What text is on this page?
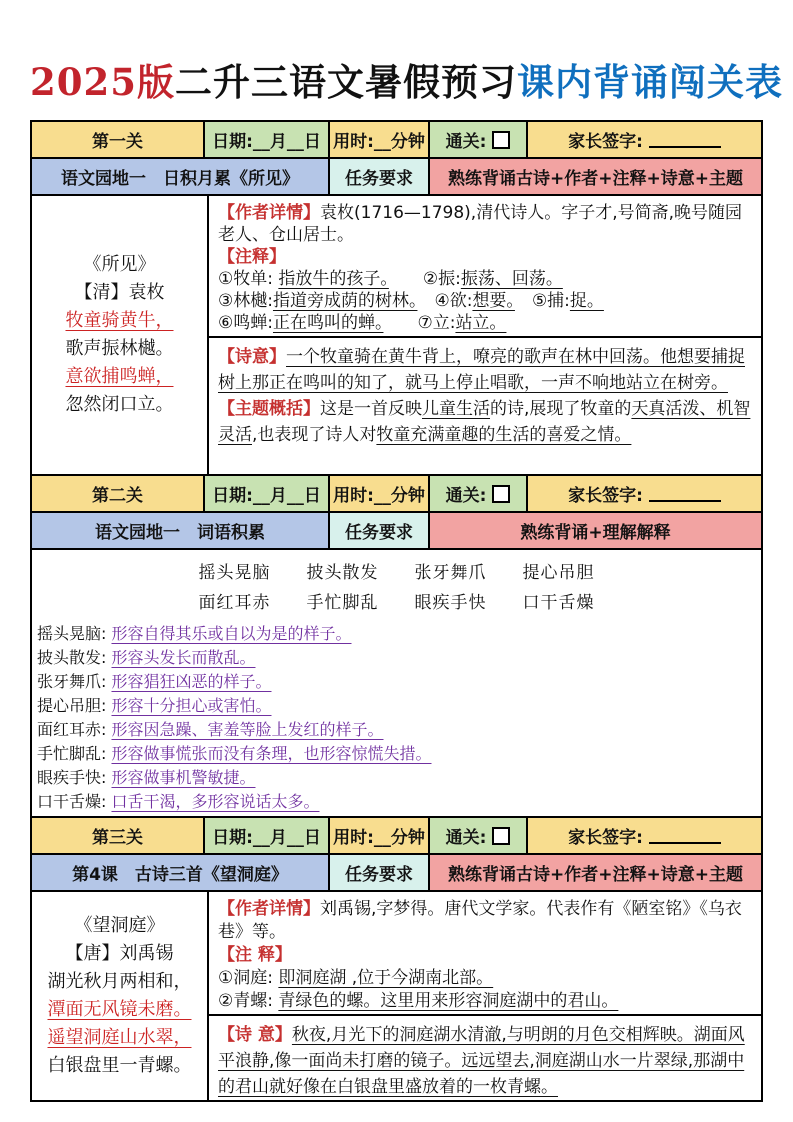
2025版二升三语文暑假预习课内背诵闯关表
第一关	日期:__月__日 用时:__分钟 通关:	家长签字:
语文园地一　日积月累《所见》	任务要求	熟练背诵古诗+作者+注释+诗意+主题
《所见》
【清】袁枚
牧童骑黄牛，
歌声振林樾。
意欲捕鸣蝉，
忽然闭口立。
【作者详情】袁枚(1716—1798),清代诗人。字子才,号简斋,晚号随园老人、仓山居士。
【注释】
①牧单: 指放牛的孩子。　　 ②振:振荡、回荡。
③林樾:指道旁成荫的树林。　 ④欲:想要。　 ⑤捕:捉。
⑥鸣蝉:正在鸣叫的蝉。　　 ⑦立:站立。
【诗意】一个牧童骑在黄牛背上，嘹亮的歌声在林中回荡。他想要捕捉树上那正在鸣叫的知了，就马上停止唱歌，一声不响地站立在树旁。
【主题概括】这是一首反映儿童生活的诗,展现了牧童的天真活泼、机智灵活,也表现了诗人对牧童充满童趣的生活的喜爱之情。
第二关	日期:__月__日 用时:__分钟 通关:	家长签字:
语文园地一　词语积累	任务要求	熟练背诵+理解解释
摇头晃脑　　披头散发　　张牙舞爪　　提心吊胆
面红耳赤　　手忙脚乱　　眼疾手快　　口干舌燥
摇头晃脑: 形容自得其乐或自以为是的样子。
披头散发: 形容头发长而散乱。
张牙舞爪: 形容猖狂凶恶的样子。
提心吊胆: 形容十分担心或害怕。
面红耳赤: 形容因急躁、害羞等脸上发红的样子。
手忙脚乱: 形容做事慌张而没有条理，也形容惊慌失措。
眼疾手快: 形容做事机警敏捷。
口干舌燥: 口舌干渴，多形容说话太多。
第三关	日期:__月__日 用时:__分钟 通关:	家长签字:
第4课　古诗三首《望洞庭》	任务要求	熟练背诵古诗+作者+注释+诗意+主题
《望洞庭》
【唐】刘禹锡
湖光秋月两相和，
潭面无风镜未磨。
遥望洞庭山水翠，
白银盘里一青螺。
【作者详情】刘禹锡,字梦得。唐代文学家。代表作有《陋室铭》《乌衣巷》等。
【注 释】
①洞庭: 即洞庭湖 ,位于今湖南北部。
②青螺: 青绿色的螺。这里用来形容洞庭湖中的君山。
【诗 意】秋夜,月光下的洞庭湖水清澈,与明朗的月色交相辉映。湖面风平浪静,像一面尚未打磨的镜子。远远望去,洞庭湖山水一片翠绿,那湖中的君山就好像在白银盘里盛放着的一枚青螺。
